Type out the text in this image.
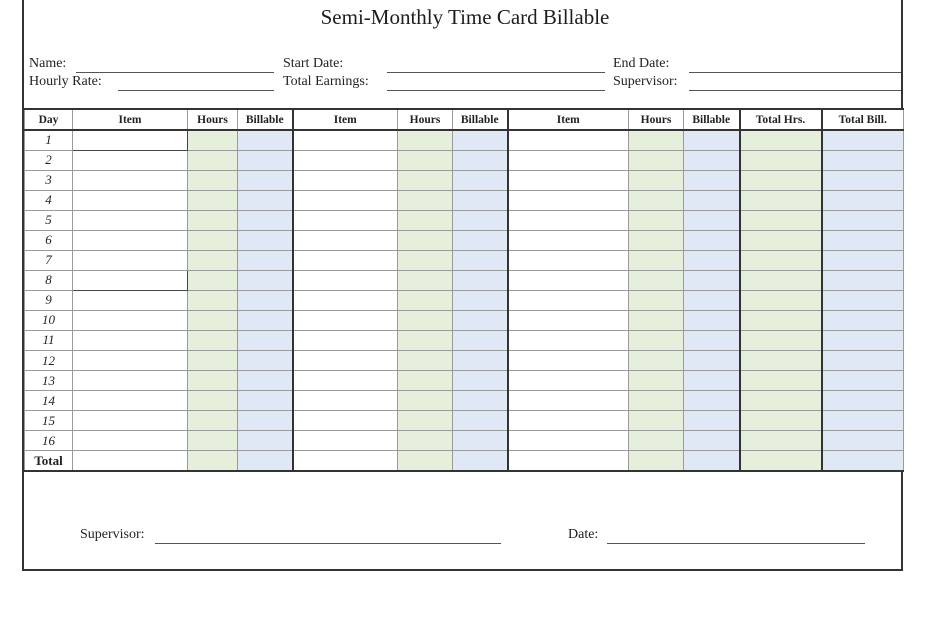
Semi-Monthly Time Card Billable
Name:	Start Date:	End Date:
Hourly Rate:	Total Earnings:	Supervisor:
Day	Item	Hours	Billable	Item	Hours	Billable	Item	Hours	Billable	Total Hrs.	Total Bill.
1											
2											
3											
4											
5											
6											
7											
8											
9											
10											
11											
12											
13											
14											
15											
16											
Total											
Supervisor:	Date:
